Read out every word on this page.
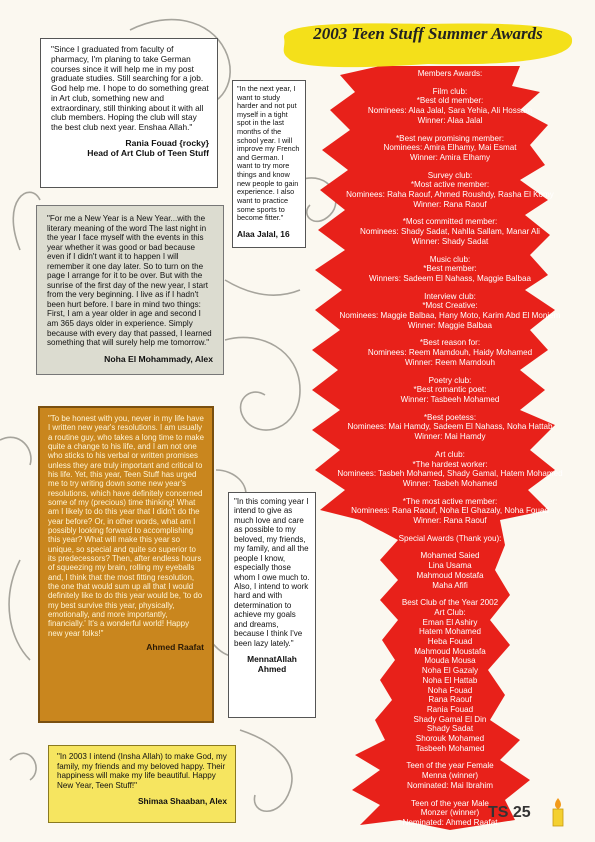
2003 Teen Stuff Summer Awards
Members Awards:
Film club:
*Best old member:
Nominees: Alaa Jalal, Sara Yehia, Ali Hossam
Winner: Alaa Jalal
*Best new promising member:
Nominees: Amira Elhamy, Mai Esmat
Winner: Amira Elhamy
Survey club:
*Most active member:
Nominees: Raha Raouf, Ahmed Roushdy, Rasha El Komy
Winner: Rana Raouf
*Most committed member:
Nominees: Shady Sadat, Nahlla Sallam, Manar Ali
Winner: Shady Sadat
Music club:
*Best member:
Winners: Sadeem El Nahass, Maggie Balbaa
Interview club:
*Most Creative:
Nominees: Maggie Balbaa, Hany Moto, Karim Abd El Moniem
Winner: Maggie Balbaa
*Best reason for:
Nominees: Reem Mamdouh, Haidy Mohamed
Winner: Reem Mamdouh
Poetry club:
*Best romantic poet:
Winner: Tasbeeh Mohamed
*Best poetess:
Nominees: Mai Hamdy, Sadeem El Nahass, Noha Hattab
Winner: Mai Hamdy
Art club:
*The hardest worker:
Nominees: Tasbeh Mohamed, Shady Gamal, Hatem Mohamed
Winner: Tasbeh Mohamed
*The most active member:
Nominees: Rana Raouf, Noha El Ghazaly, Noha Fouad
Winner: Rana Raouf
Special Awards (Thank you):
Mohamed Saied
Lina Usama
Mahmoud Mostafa
Maha Afifi
Best Club of the Year 2002
Art Club:
Eman El Ashiry
Hatem Mohamed
Heba Fouad
Mahmoud Moustafa
Mouda Mousa
Noha El Gazaly
Noha El Hattab
Noha Fouad
Rana Raouf
Rania Fouad
Shady Gamal El Din
Shady Sadat
Shorouk Mohamed
Tasbeeh Mohamed
Teen of the year Female
Menna (winner)
Nominated: Mai Ibrahim
Teen of the year Male
Monzer (winner)
Nominated: Ahmed Raafat

"Since I graduated from faculty of pharmacy, I'm planing to take German courses since it will help me in my post graduate studies. Still searching for a job. God help me. I hope to do something great in Art club, something new and extraordinary, still thinking about it with all club members. Hoping the club will stay the best club next year. Enshaa Allah."

Rania Fouad {rocky}
Head of Art Club of Teen Stuff

"In the next year, I want to study harder and not put myself in a tight spot in the last months of the school year. I will improve my French and German. I want to try more things and know new people to gain experience. I also want to practice some sports to become fitter."

Alaa Jalal, 16

"For me a New Year is a New Year...with the literary meaning of the word The last night in the year I face myself with the events in this year whether it was good or bad because even if I didn't want it to happen I will remember it one day later. So to turn on the page I arrange for it to be over. But with the sunrise of the first day of the new year, I start from the very beginning. I live as if I hadn't been hurt before. I bare in mind two things: First, I am a year older in age and second I am 365 days older in experience. Simply because with every day that passed, I learned something that will surely help me tomorrow."

Noha El Mohammady, Alex

"To be honest with you, never in my life have I written new year's resolutions. I am usually a routine guy, who takes a long time to make quite a change to his life, and I am not one who sticks to his verbal or written promises unless they are truly important and critical to his life. Yet, this year, Teen Stuff has urged me to try writing down some new year's resolutions, which have definitely concerned some of my (precious) time thinking! What am I likely to do this year that I didn't do the year before? Or, in other words, what am I possibly looking forward to accomplishing this year? What will make this year so unique, so special and quite so superior to its predecessors? Then, after endless hours of squeezing my brain, rolling my eyeballs and, I think that the most fitting resolution, the one that would sum up all that I would definitely like to do this year would be, 'to do my best survive this year, physically, emotionally, and more importantly, financially.' It's a wonderful world! Happy new year folks!"

Ahmed Raafat

"In this coming year I intend to give as much love and care as possible to my beloved, my friends, my family, and all the people I know, especially those whom I owe much to. Also, I intend to work hard and with determination to achieve my goals and dreams, because I think I've been lazy lately."

MennatAllah
Ahmed

"In 2003 I intend (Insha Allah) to make God, my family, my friends and my beloved happy. Their happiness will make my life beautiful. Happy New Year, Teen Stuff!"

Shimaa Shaaban, Alex
TS 25
